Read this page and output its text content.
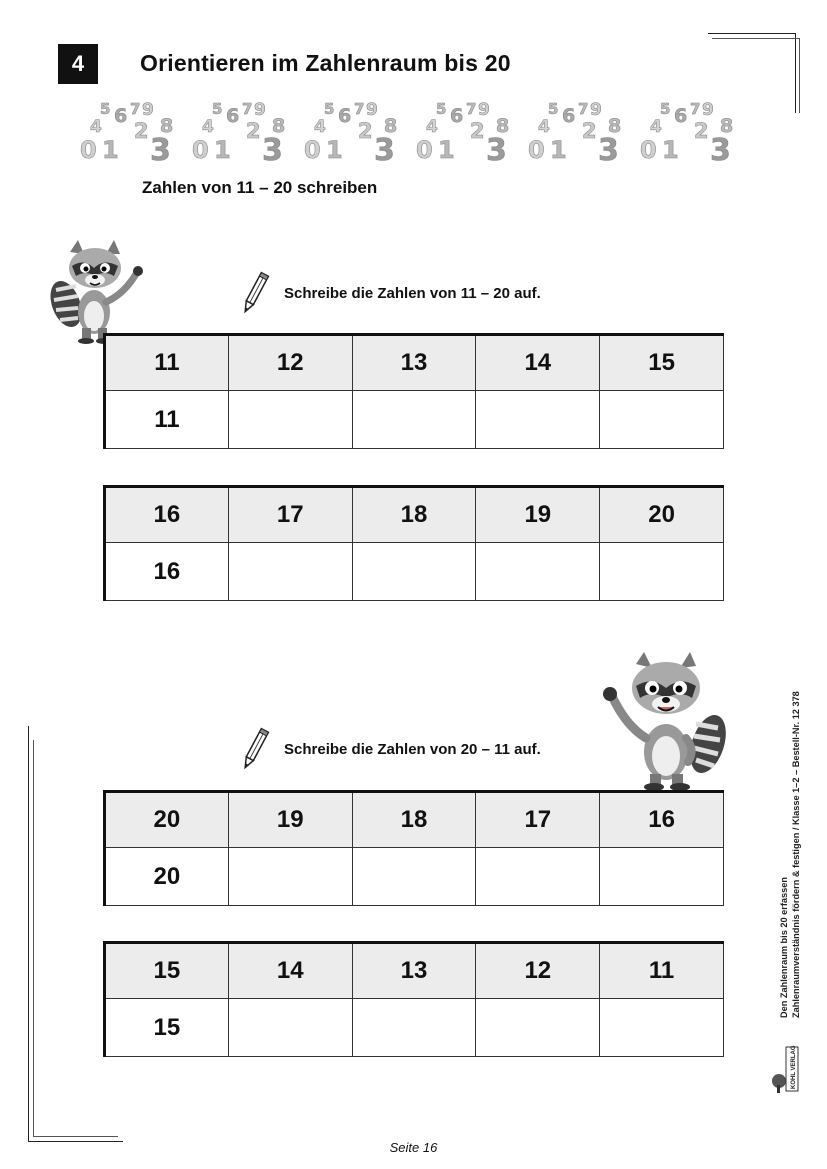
4	Orientieren im Zahlenraum bis 20
5 6 7 9
8
4 2
0 1 3
5 6 7 9
8
4 2
0 1 3
5 6 7 9
8
4 2
0 1 3
5 6 7 9
8
4 2
0 1 3
5 6 7 9
8
4 2
0 1 3
5 6 7 9
8
4 2
0 1 3
Zahlen von 11 – 20 schreiben
Schreibe die Zahlen von 11 – 20 auf.
11	12	13	14	15
11				
16	17	18	19	20
16				
Schreibe die Zahlen von 20 – 11 auf.
20	19	18	17	16
20				
15	14	13	12	11
15				
Den Zahlenraum bis 20 erfassen Zahlenraumverständnis fördern & festigen / Klasse 1–2 – Bestell-Nr. 12 378
KOHL VERLAG
Seite 16
